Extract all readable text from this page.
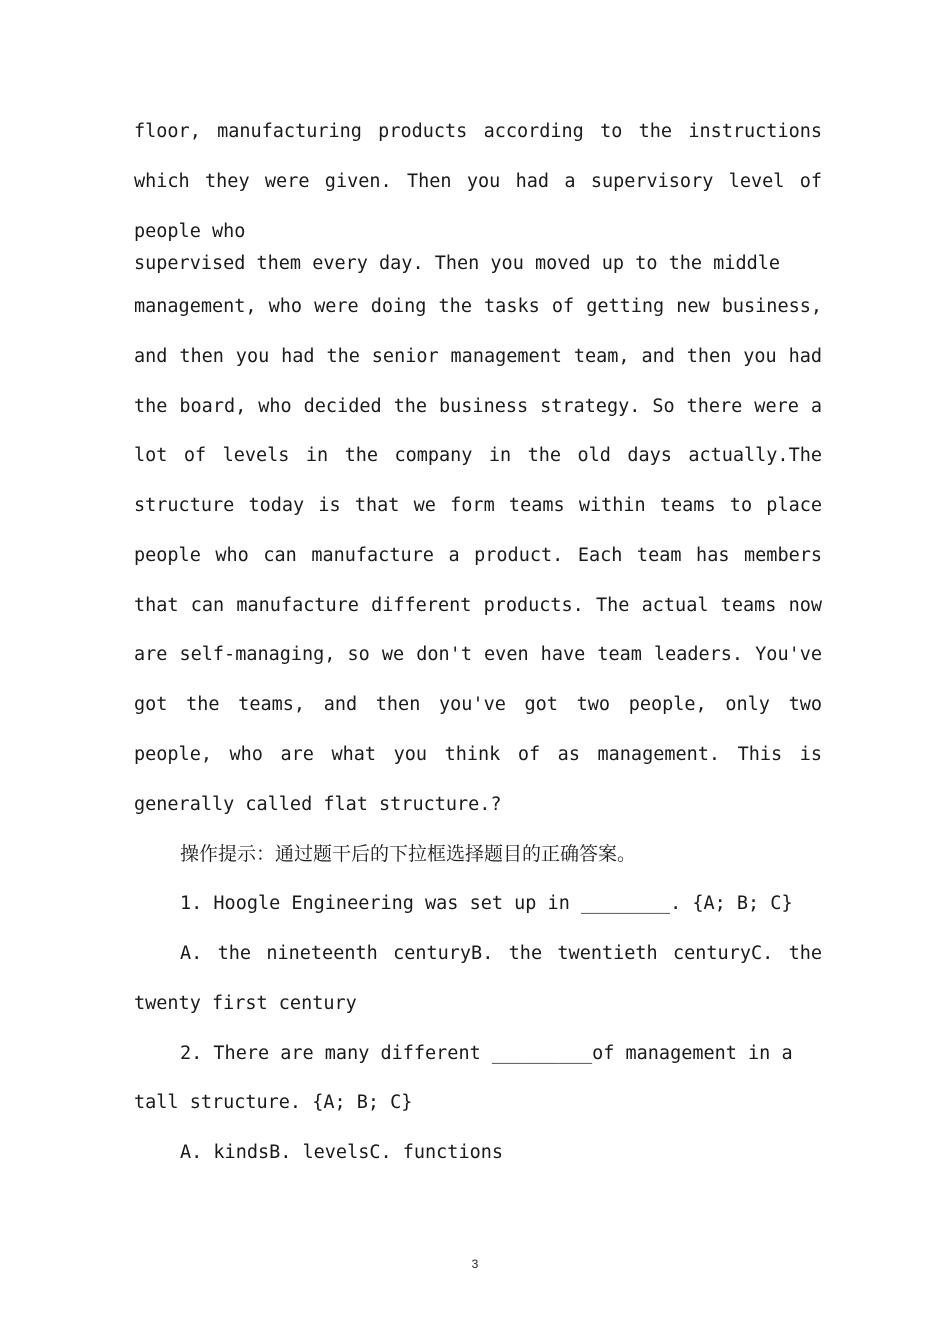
floor, manufacturing products according to the instructions
which they were given. Then you had a supervisory level of
people who
supervised them every day. Then you moved up to the middle
management, who were doing the tasks of getting new business,
and then you had the senior management team, and then you had
the board, who decided the business strategy. So there were a
lot of levels in the company in the old days actually.The
structure today is that we form teams within teams to place
people who can manufacture a product. Each team has members
that can manufacture different products. The actual teams now
are self-managing, so we don't even have team leaders. You've
got the teams, and then you've got two people, only two
people, who are what you think of as management. This is
generally called flat structure.?
操作提示：通过题干后的下拉框选择题目的正确答案。
1. Hoogle Engineering was set up in ________. {A; B; C}
A. the nineteenth centuryB. the twentieth centuryC. the
twenty first century
2. There are many different _________of management in a
tall structure. {A; B; C}
A. kindsB. levelsC. functions
3
